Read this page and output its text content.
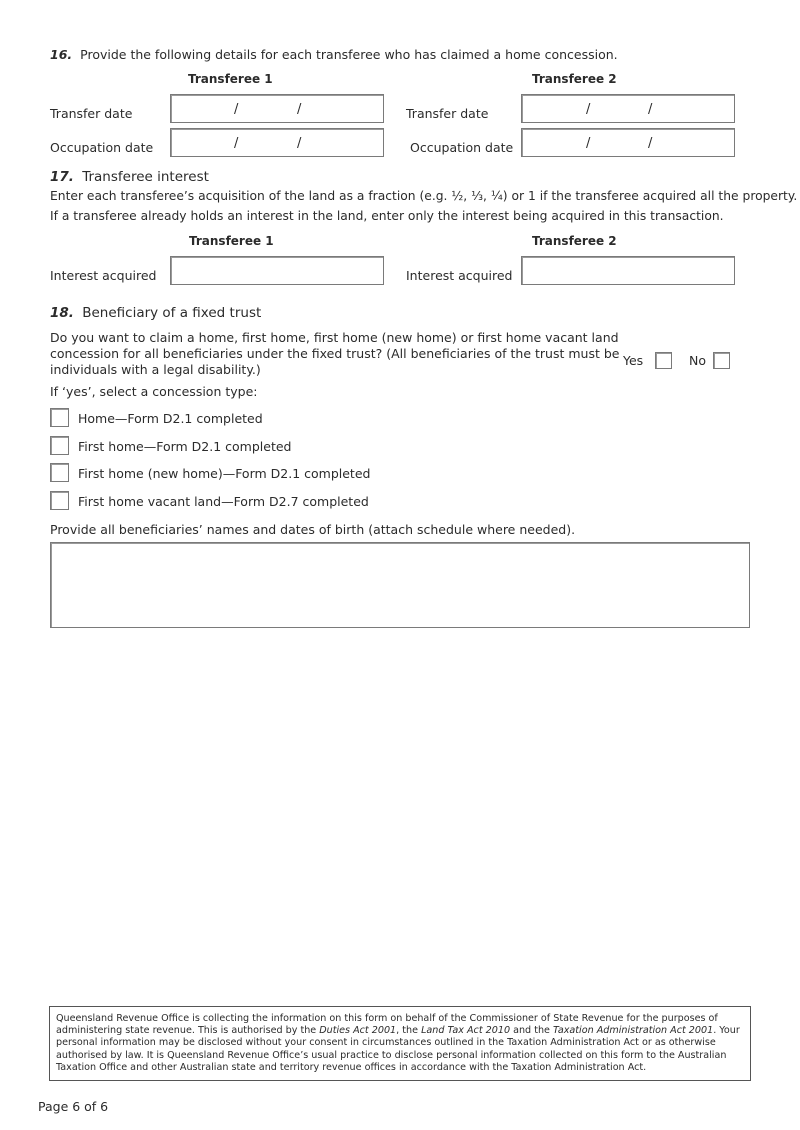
16. Provide the following details for each transferee who has claimed a home concession.
Transferee 1	Transferee 2
Transfer date	/	/	Transfer date	/	/
Occupation date	/	/	Occupation date	/	/
17. Transferee interest
Enter each transferee’s acquisition of the land as a fraction (e.g. ½, ⅓, ¼) or 1 if the transferee acquired all the property.
If a transferee already holds an interest in the land, enter only the interest being acquired in this transaction.
Transferee 1	Transferee 2
Interest acquired	Interest acquired
18. Beneficiary of a fixed trust
Do you want to claim a home, first home, first home (new home) or first home vacant land
concession for all beneficiaries under the fixed trust? (All beneficiaries of the trust must be
individuals with a legal disability.)
Yes	No
If ‘yes’, select a concession type:
Home—Form D2.1 completed
First home—Form D2.1 completed
First home (new home)—Form D2.1 completed
First home vacant land—Form D2.7 completed
Provide all beneficiaries’ names and dates of birth (attach schedule where needed).
Queensland Revenue Office is collecting the information on this form on behalf of the Commissioner of State Revenue for the purposes of administering state revenue. This is authorised by the Duties Act 2001, the Land Tax Act 2010 and the Taxation Administration Act 2001. Your personal information may be disclosed without your consent in circumstances outlined in the Taxation Administration Act or as otherwise authorised by law. It is Queensland Revenue Office’s usual practice to disclose personal information collected on this form to the Australian Taxation Office and other Australian state and territory revenue offices in accordance with the Taxation Administration Act.
Page 6 of 6
